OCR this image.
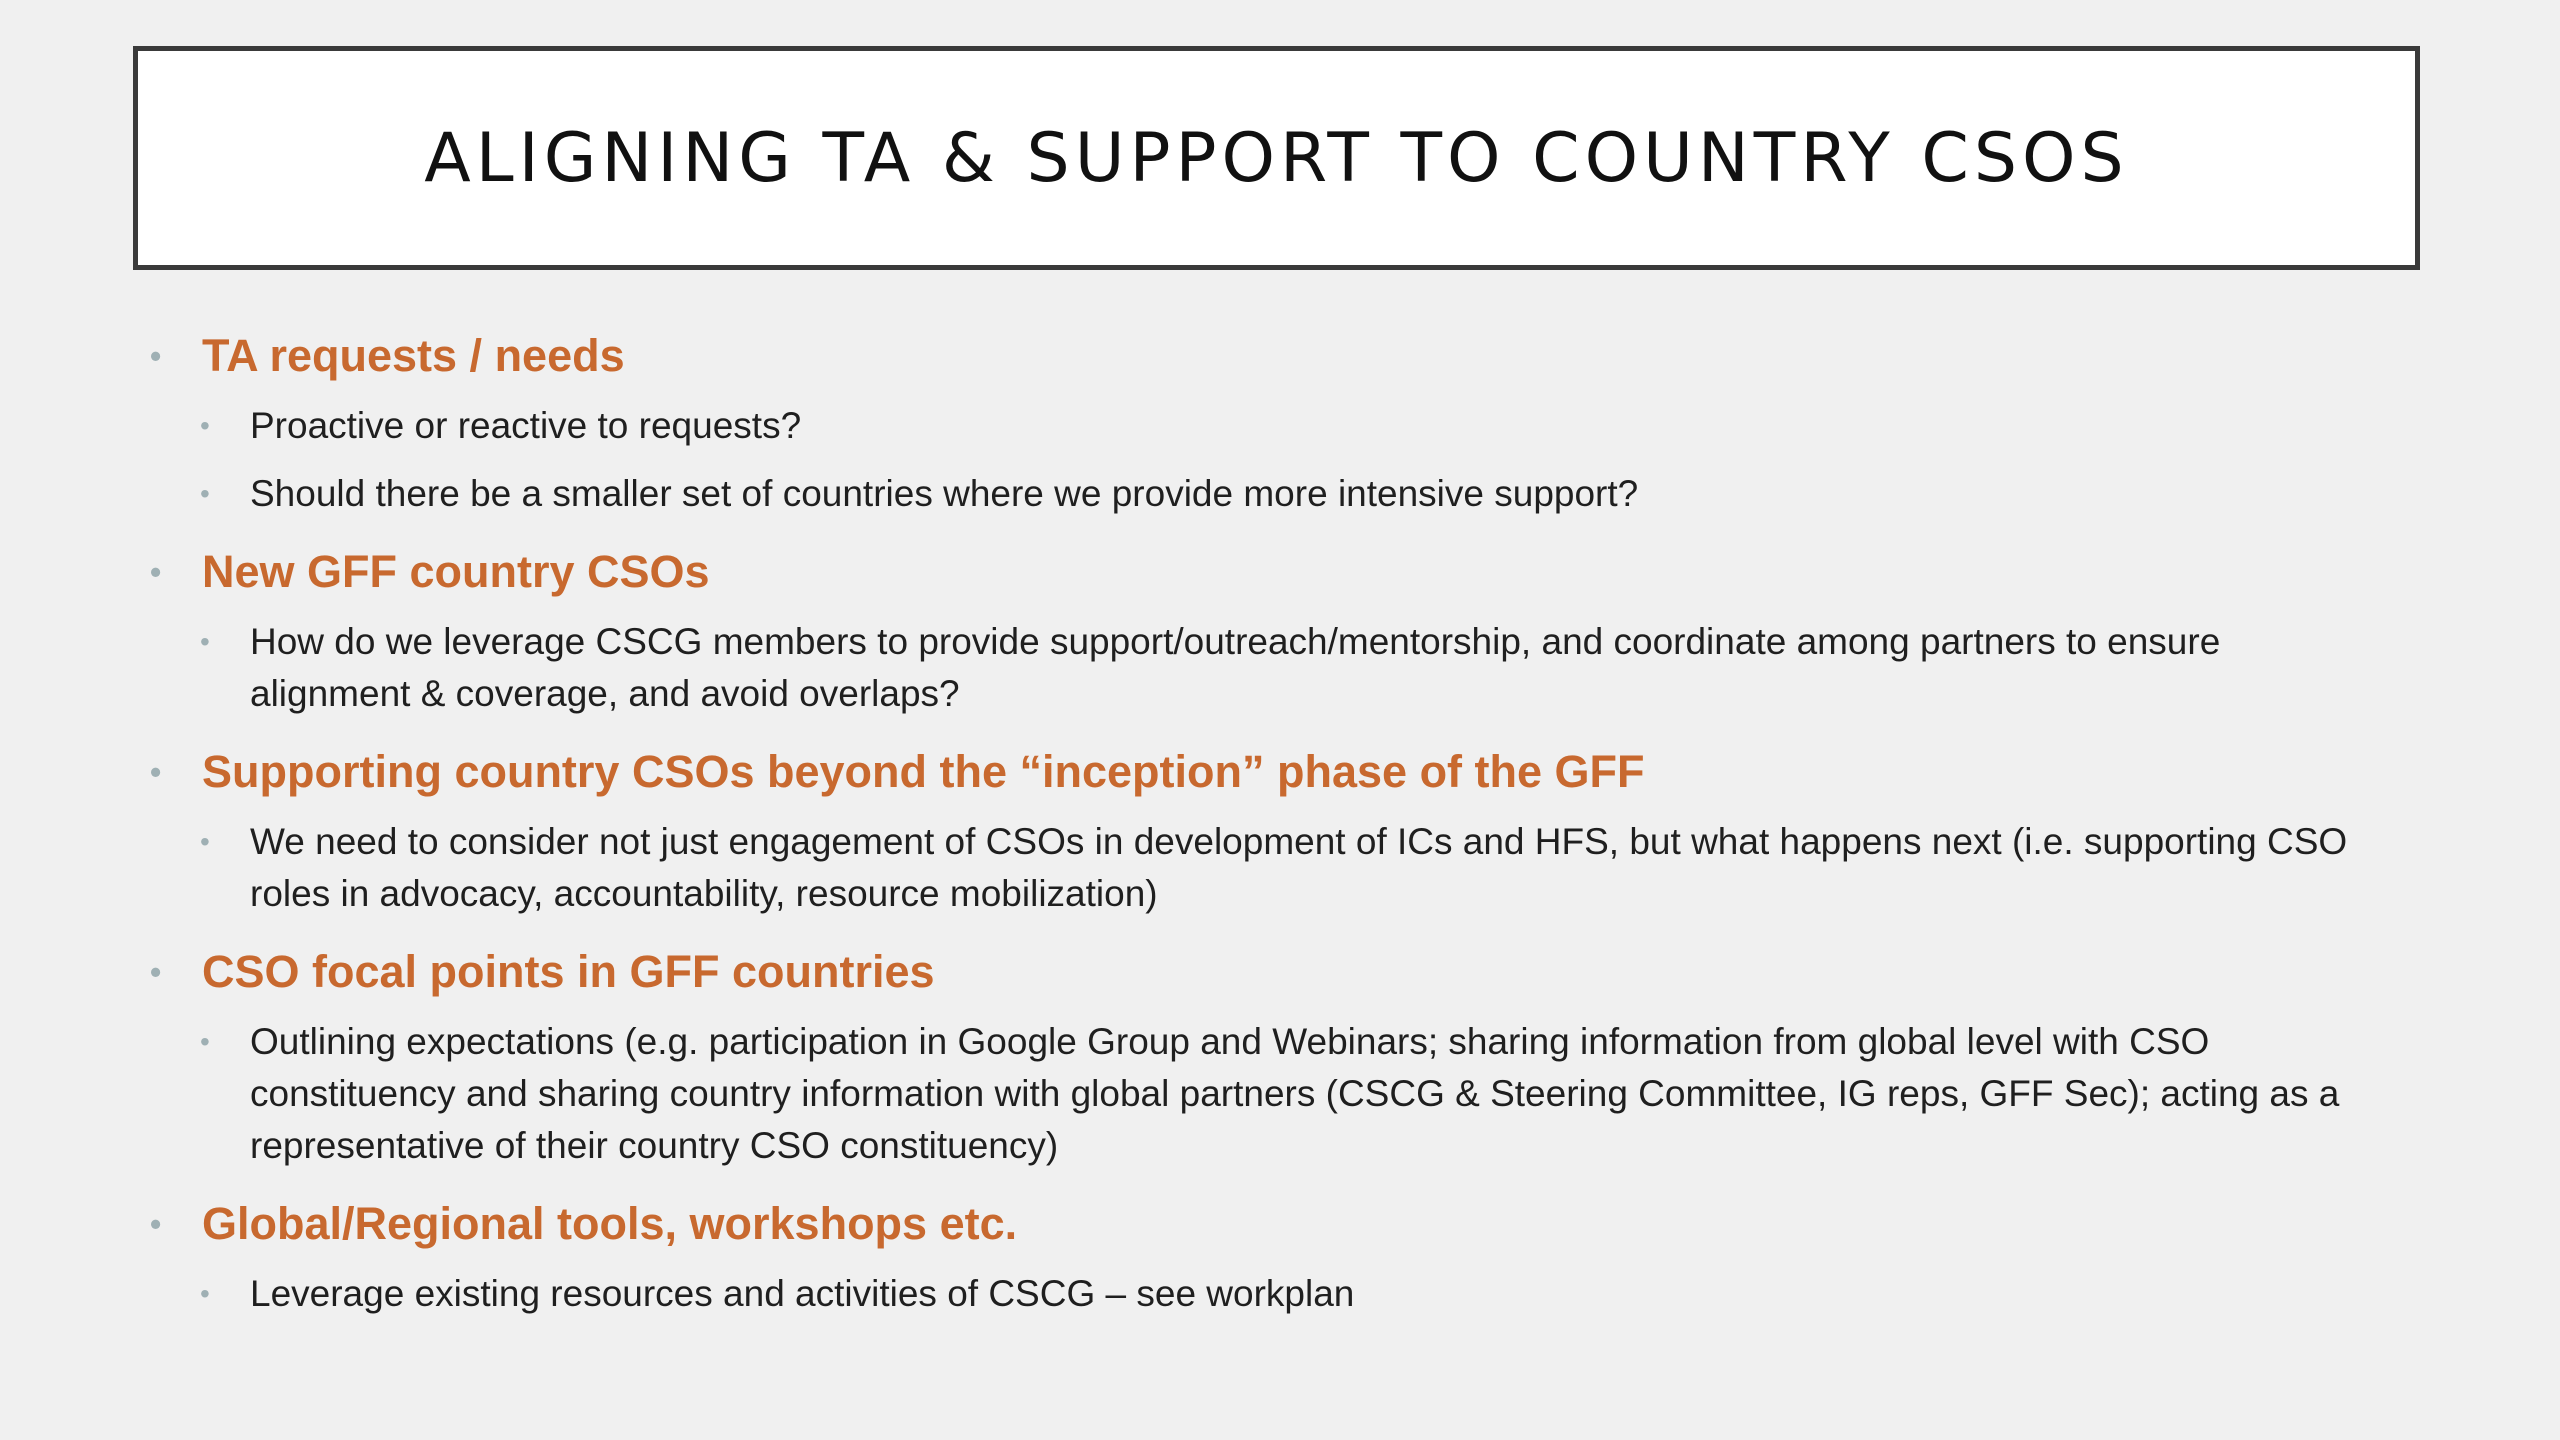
ALIGNING TA & SUPPORT TO COUNTRY CSOS
• TA requests / needs
• Proactive or reactive to requests?
• Should there be a smaller set of countries where we provide more intensive support?
• New GFF country CSOs
• How do we leverage CSCG members to provide support/outreach/mentorship, and coordinate among partners to ensure alignment & coverage, and avoid overlaps?
• Supporting country CSOs beyond the “inception” phase of the GFF
• We need to consider not just engagement of CSOs in development of ICs and HFS, but what happens next (i.e. supporting CSO roles in advocacy, accountability, resource mobilization)
• CSO focal points in GFF countries
• Outlining expectations (e.g. participation in Google Group and Webinars; sharing information from global level with CSO constituency and sharing country information with global partners (CSCG & Steering Committee, IG reps, GFF Sec); acting as a representative of their country CSO constituency)
• Global/Regional tools, workshops etc.
• Leverage existing resources and activities of CSCG – see workplan
